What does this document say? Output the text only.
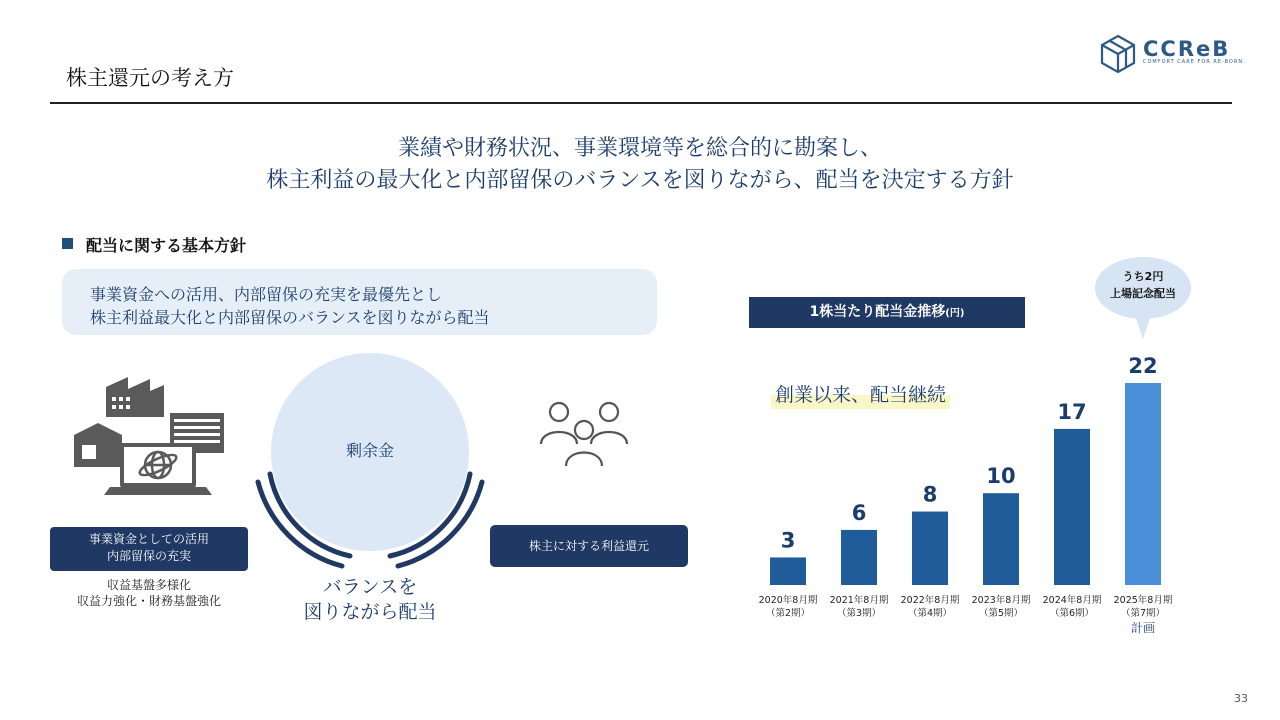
株主還元の考え方
CCReB
COMFORT CARE FOR RE-BORN
業績や財務状況、事業環境等を総合的に勘案し、
株主利益の最大化と内部留保のバランスを図りながら、配当を決定する方針
配当に関する基本方針
事業資金への活用、内部留保の充実を最優先とし
株主利益最大化と内部留保のバランスを図りながら配当
事業資金としての活用
内部留保の充実
収益基盤多様化
収益力強化・財務基盤強化
剰余金
バランスを
図りながら配当
株主に対する利益還元
1株当たり配当金推移(円)
創業以来、配当継続
うち2円
上場記念配当
3
2020年8月期
（第2期）
6
2021年8月期
（第3期）
8
2022年8月期
（第4期）
10
2023年8月期
（第5期）
17
2024年8月期
（第6期）
22
2025年8月期
（第7期）
計画
33
